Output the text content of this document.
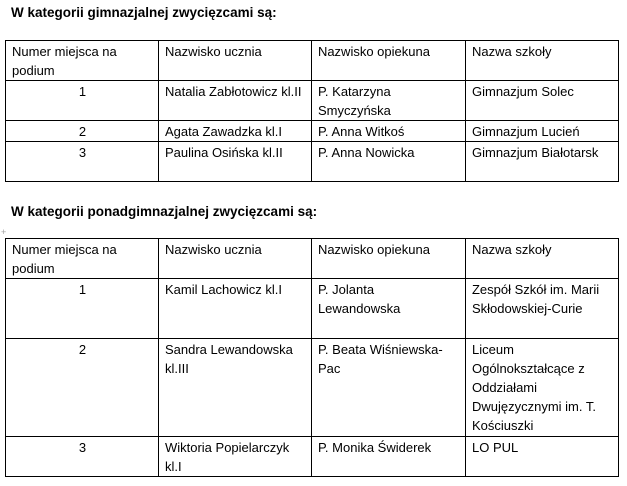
W kategorii gimnazjalnej zwycięzcami są:
Numer miejsca na podium	Nazwisko ucznia	Nazwisko opiekuna	Nazwa szkoły
1	Natalia Zabłotowicz kl.II	P. Katarzyna Smyczyńska	Gimnazjum Solec
2	Agata Zawadzka kl.I	P. Anna Witkoś	Gimnazjum Lucień
3	Paulina Osińska kl.II	P. Anna Nowicka	Gimnazjum Białotarsk
W kategorii ponadgimnazjalnej zwycięzcami są:
+
Numer miejsca na podium	Nazwisko ucznia	Nazwisko opiekuna	Nazwa szkoły
1	Kamil Lachowicz kl.I	P. Jolanta Lewandowska	Zespół Szkół im. Marii Skłodowskiej-Curie
2	Sandra Lewandowska kl.III	P. Beata Wiśniewska-Pac	Liceum Ogólnokształcące z Oddziałami Dwujęzycznymi im. T. Kościuszki
3	Wiktoria Popielarczyk kl.I	P. Monika Świderek	LO PUL
